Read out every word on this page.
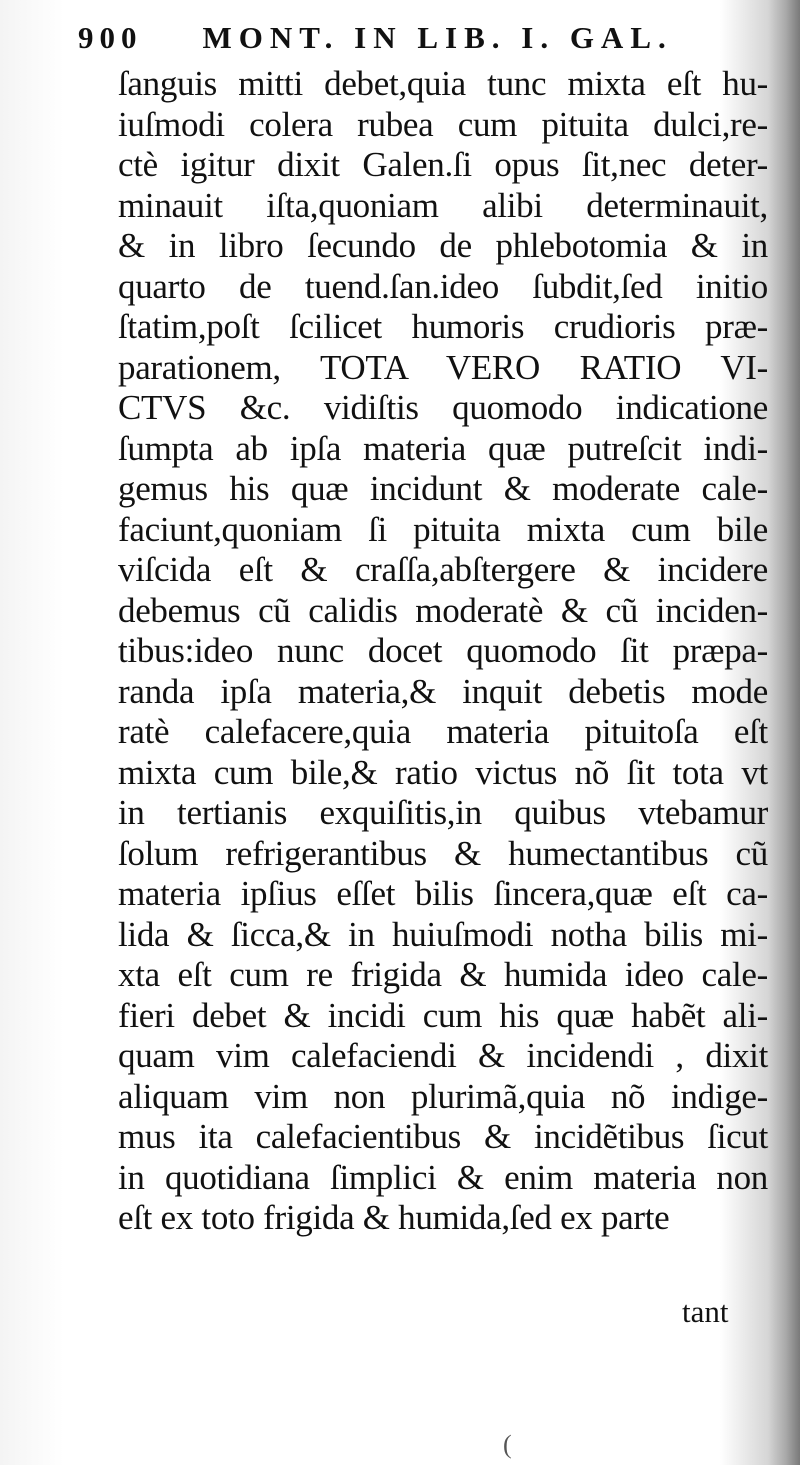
900 MONT. IN LIB. I. GAL.
ſanguis mitti debet,quia tunc mixta eſt hu-
iuſmodi colera rubea cum pituita dulci,re-
ctè igitur dixit Galen.ſi opus ſit,nec deter-
minauit iſta,quoniam alibi determinauit,
& in libro ſecundo de phlebotomia & in
quarto de tuend.ſan.ideo ſubdit,ſed initio
ſtatim,poſt ſcilicet humoris crudioris præ-
parationem, TOTA VERO RATIO VI-
CTVS &c. vidiſtis quomodo indicatione
ſumpta ab ipſa materia quæ putreſcit indi-
gemus his quæ incidunt & moderate cale-
faciunt,quoniam ſi pituita mixta cum bile
viſcida eſt & craſſa,abſtergere & incidere
debemus cũ calidis moderatè & cũ inciden-
tibus:ideo nunc docet quomodo ſit præpa-
randa ipſa materia,& inquit debetis mode
ratè calefacere,quia materia pituitoſa eſt
mixta cum bile,& ratio victus nõ ſit tota vt
in tertianis exquiſitis,in quibus vtebamur
ſolum refrigerantibus & humectantibus cũ
materia ipſius eſſet bilis ſincera,quæ eſt ca-
lida & ſicca,& in huiuſmodi notha bilis mi-
xta eſt cum re frigida & humida ideo cale-
fieri debet & incidi cum his quæ habẽt ali-
quam vim calefaciendi & incidendi , dixit
aliquam vim non plurimã,quia nõ indige-
mus ita calefacientibus & incidẽtibus ſicut
in quotidiana ſimplici & enim materia non
eſt ex toto frigida & humida,ſed ex parte
tant
(
